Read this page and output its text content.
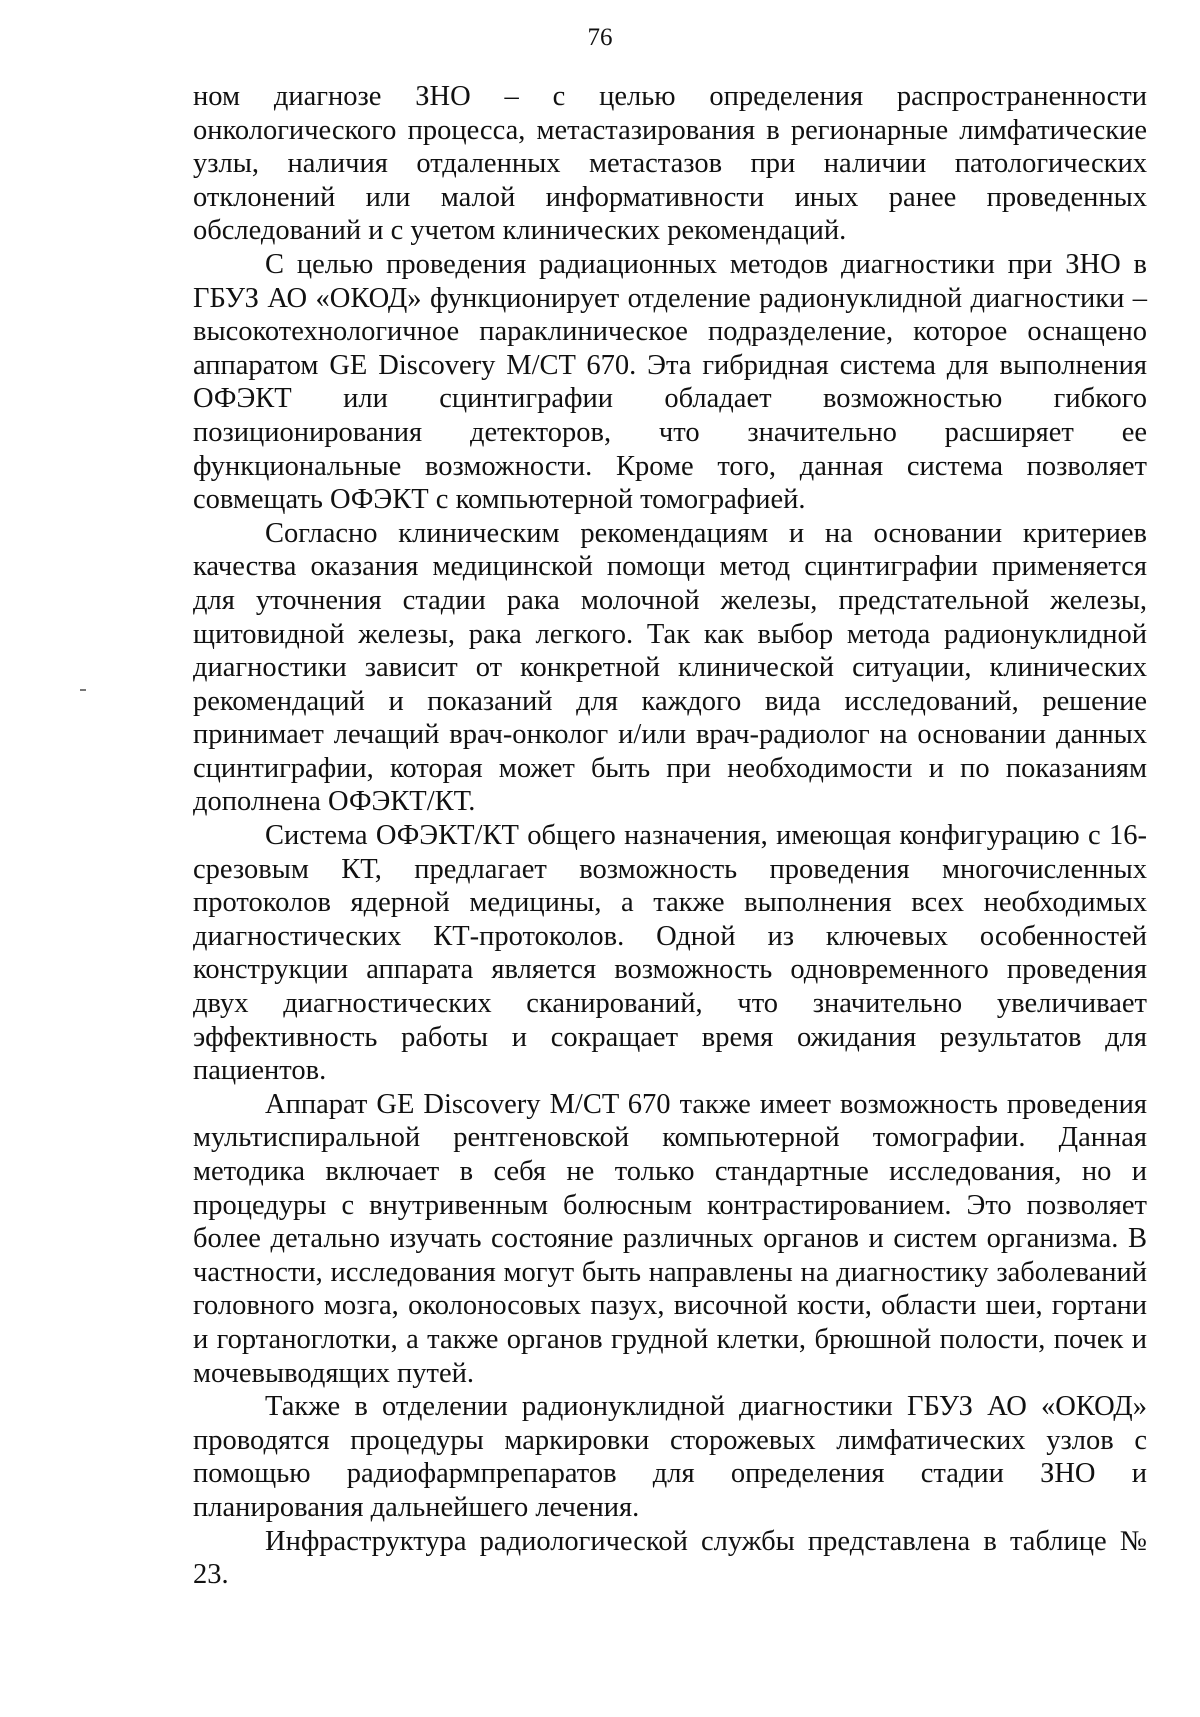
76

ном диагнозе ЗНО – с целью определения распространенности онкологического процесса, метастазирования в регионарные лимфатические узлы, наличия отдаленных метастазов при наличии патологических отклонений или малой информативности иных ранее проведенных обследований и с учетом клинических рекомендаций.

С целью проведения радиационных методов диагностики при ЗНО в ГБУЗ АО «ОКОД» функционирует отделение радионуклидной диагностики – высокотехнологичное параклиническое подразделение, которое оснащено аппаратом GE Discovery M/CT 670. Эта гибридная система для выполнения ОФЭКТ или сцинтиграфии обладает возможностью гибкого позиционирования детекторов, что значительно расширяет ее функциональные возможности. Кроме того, данная система позволяет совмещать ОФЭКТ с компьютерной томографией.

Согласно клиническим рекомендациям и на основании критериев качества оказания медицинской помощи метод сцинтиграфии применяется для уточнения стадии рака молочной железы, предстательной железы, щитовидной железы, рака легкого. Так как выбор метода радионуклидной диагностики зависит от конкретной клинической ситуации, клинических рекомендаций и показаний для каждого вида исследований, решение принимает лечащий врач-онколог и/или врач-радиолог на основании данных сцинтиграфии, которая может быть при необходимости и по показаниям дополнена ОФЭКТ/КТ.

Система ОФЭКТ/КТ общего назначения, имеющая конфигурацию с 16-срезовым КТ, предлагает возможность проведения многочисленных протоколов ядерной медицины, а также выполнения всех необходимых диагностических КТ-протоколов. Одной из ключевых особенностей конструкции аппарата является возможность одновременного проведения двух диагностических сканирований, что значительно увеличивает эффективность работы и сокращает время ожидания результатов для пациентов.

Аппарат GE Discovery M/CT 670 также имеет возможность проведения мультиспиральной рентгеновской компьютерной томографии. Данная методика включает в себя не только стандартные исследования, но и процедуры с внутривенным болюсным контрастированием. Это позволяет более детально изучать состояние различных органов и систем организма. В частности, исследования могут быть направлены на диагностику заболеваний головного мозга, околоносовых пазух, височной кости, области шеи, гортани и гортаноглотки, а также органов грудной клетки, брюшной полости, почек и мочевыводящих путей.

Также в отделении радионуклидной диагностики ГБУЗ АО «ОКОД» проводятся процедуры маркировки сторожевых лимфатических узлов с помощью радиофармпрепаратов для определения стадии ЗНО и планирования дальнейшего лечения.

Инфраструктура радиологической службы представлена в таблице № 23.
